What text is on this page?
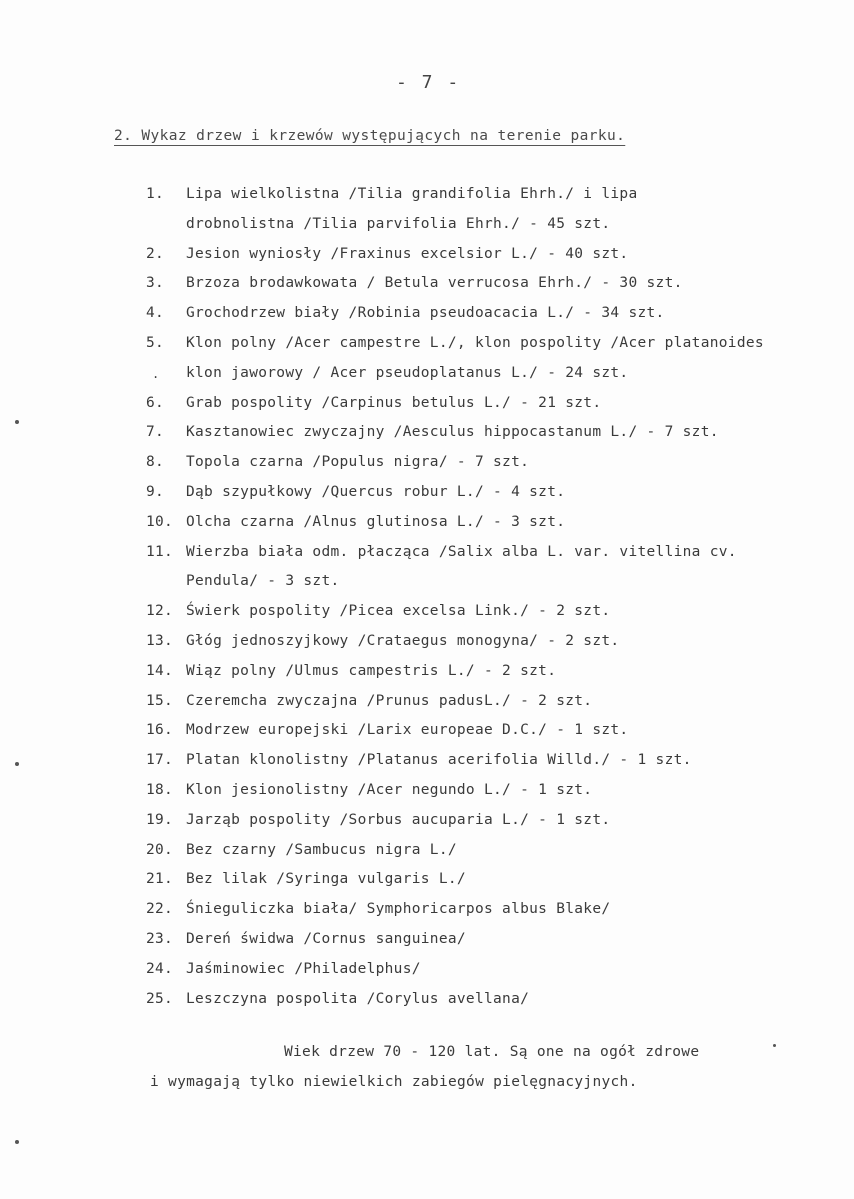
- 7 -
2. Wykaz drzew i krzewów występujących na terenie parku.
1.	Lipa wielkolistna /Tilia grandifolia Ehrh./ i lipa
drobnolistna /Tilia parvifolia Ehrh./ - 45 szt.
2.	Jesion wyniosły /Fraxinus excelsior L./ - 40 szt.
3.	Brzoza brodawkowata / Betula verrucosa Ehrh./ - 30 szt.
4.	Grochodrzew biały /Robinia pseudoacacia L./ - 34 szt.
5.	Klon polny /Acer campestre L./, klon pospolity /Acer platanoides
. klon jaworowy / Acer pseudoplatanus L./ - 24 szt.
6.	Grab pospolity /Carpinus betulus L./ - 21 szt.
7.	Kasztanowiec zwyczajny /Aesculus hippocastanum L./ - 7 szt.
8.	Topola czarna /Populus nigra/ - 7 szt.
9.	Dąb szypułkowy /Quercus robur L./ - 4 szt.
10. Olcha czarna /Alnus glutinosa L./ - 3 szt.
11. Wierzba biała odm. płacząca /Salix alba L. var. vitellina cv.
Pendula/ - 3 szt.
12. Świerk pospolity /Picea excelsa Link./ - 2 szt.
13. Głóg jednoszyjkowy /Crataegus monogyna/ - 2 szt.
14. Wiąz polny /Ulmus campestris L./ - 2 szt.
15. Czeremcha zwyczajna /Prunus padusL./ - 2 szt.
16. Modrzew europejski /Larix europeae D.C./ - 1 szt.
17. Platan klonolistny /Platanus acerifolia Willd./ - 1 szt.
18. Klon jesionolistny /Acer negundo L./ - 1 szt.
19. Jarząb pospolity /Sorbus aucuparia L./ - 1 szt.
20. Bez czarny /Sambucus nigra L./
21. Bez lilak /Syringa vulgaris L./
22. Śnieguliczka biała/ Symphoricarpos albus Blake/
23. Dereń świdwa /Cornus sanguinea/
24. Jaśminowiec /Philadelphus/
25. Leszczyna pospolita /Corylus avellana/
Wiek drzew 70 - 120 lat. Są one na ogół zdrowe
i wymagają tylko niewielkich zabiegów pielęgnacyjnych.
